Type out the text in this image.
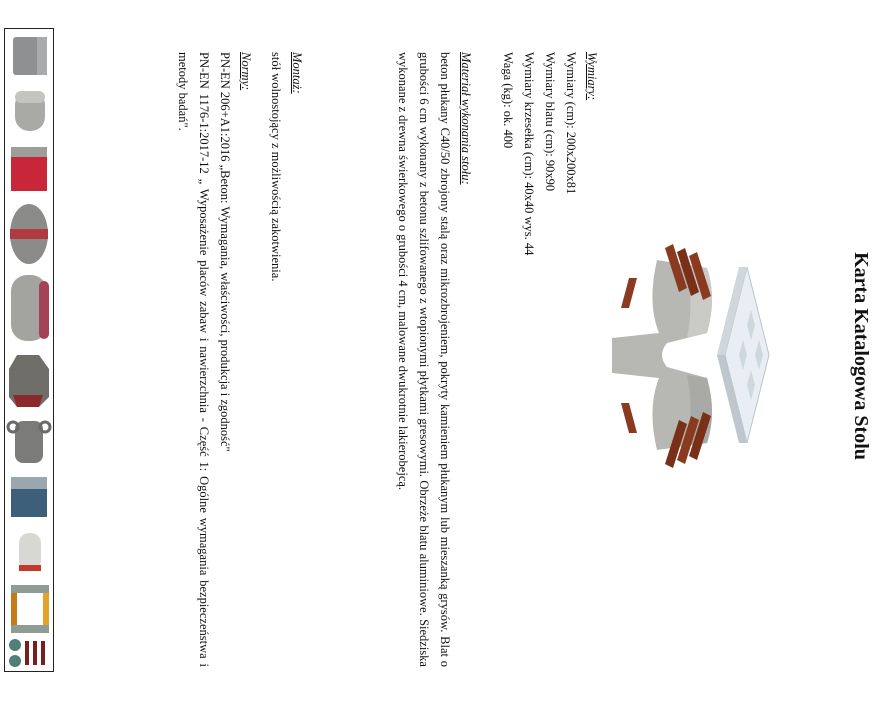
Karta Katalogowa Stolu
Wymiary:
Wymiary (cm): 200x200x81
Wymiary blatu (cm): 90x90
Wymiary krzesełka (cm): 40x40 wys. 44
Waga (kg): ok. 400
Materiał wykonania stołu:
beton płukany C40/50 zbrojony stalą oraz mikrozbrojeniem, pokryty kamieniem płukanym lub mieszanką grysów. Blat o grubości 6 cm wykonany z betonu szlifowanego z wtopionymi płytkami gresowymi. Obrzeże blatu aluminiowe. Siedziska wykonane z drewna świerkowego o grubości 4 cm, malowane dwukrotnie lakierobejcą.
Montaż:
stół wolnostojący z możliwością zakotwienia.
Normy:
PN-EN 206+A1:2016 „Beton: Wymagania, właściwości, produkcja i zgodność"
PN-EN 1176-1:2017-12 „ Wyposażenie placów zabaw i nawierzchnia - Część 1: Ogólne wymagania bezpieczeństwa i metody badań".
